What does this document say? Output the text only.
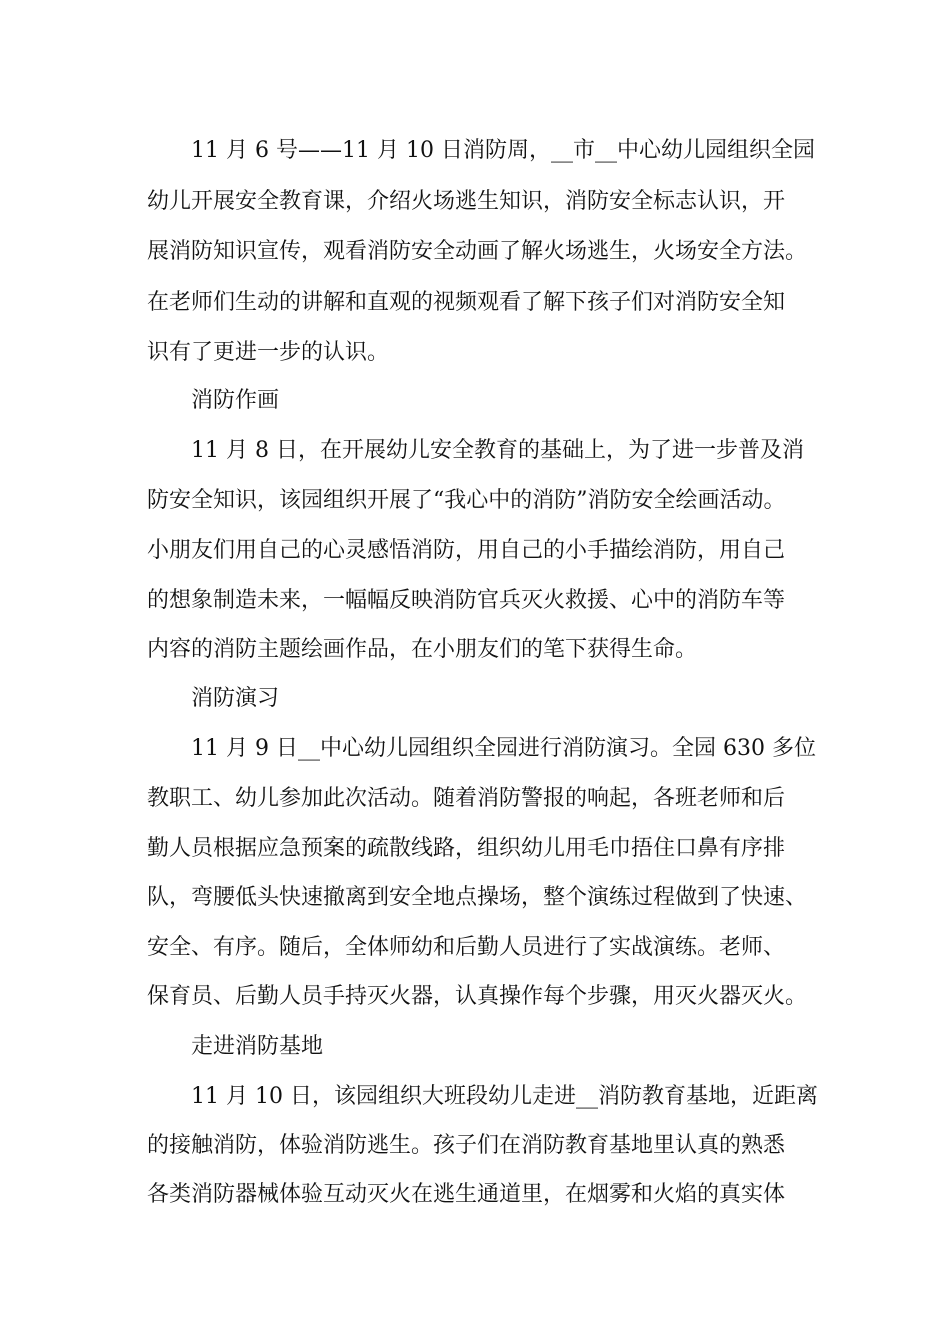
11 月 6 号——11 月 10 日消防周，__市__中心幼儿园组织全园
幼儿开展安全教育课，介绍火场逃生知识，消防安全标志认识，开
展消防知识宣传，观看消防安全动画了解火场逃生，火场安全方法。
在老师们生动的讲解和直观的视频观看了解下孩子们对消防安全知
识有了更进一步的认识。
消防作画
11 月 8 日，在开展幼儿安全教育的基础上，为了进一步普及消
防安全知识，该园组织开展了“我心中的消防”消防安全绘画活动。
小朋友们用自己的心灵感悟消防，用自己的小手描绘消防，用自己
的想象制造未来，一幅幅反映消防官兵灭火救援、心中的消防车等
内容的消防主题绘画作品，在小朋友们的笔下获得生命。
消防演习
11 月 9 日__中心幼儿园组织全园进行消防演习。全园 630 多位
教职工、幼儿参加此次活动。随着消防警报的响起，各班老师和后
勤人员根据应急预案的疏散线路，组织幼儿用毛巾捂住口鼻有序排
队，弯腰低头快速撤离到安全地点操场，整个演练过程做到了快速、
安全、有序。随后，全体师幼和后勤人员进行了实战演练。老师、
保育员、后勤人员手持灭火器，认真操作每个步骤，用灭火器灭火。
走进消防基地
11 月 10 日，该园组织大班段幼儿走进__消防教育基地，近距离
的接触消防，体验消防逃生。孩子们在消防教育基地里认真的熟悉
各类消防器械体验互动灭火在逃生通道里，在烟雾和火焰的真实体
